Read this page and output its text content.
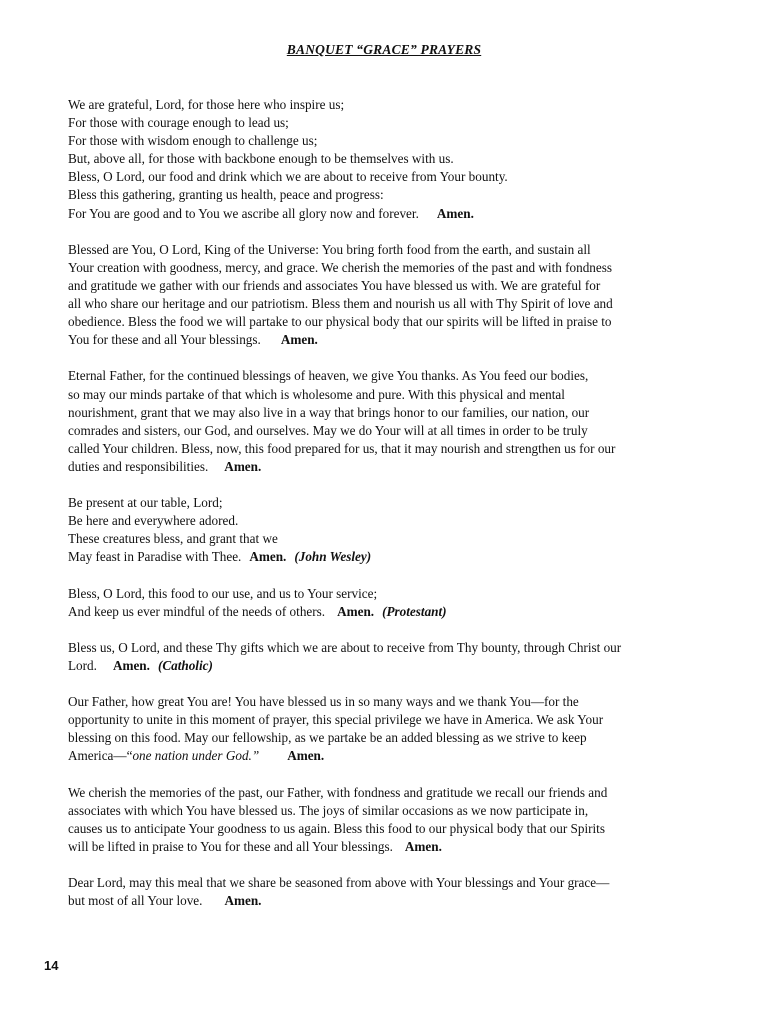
BANQUET “GRACE” PRAYERS
We are grateful, Lord, for those here who inspire us;
For those with courage enough to lead us;
For those with wisdom enough to challenge us;
But, above all, for those with backbone enough to be themselves with us.
Bless, O Lord, our food and drink which we are about to receive from Your bounty.
Bless this gathering, granting us health, peace and progress:
For You are good and to You we ascribe all glory now and forever. Amen.
Blessed are You, O Lord, King of the Universe: You bring forth food from the earth, and sustain all
Your creation with goodness, mercy, and grace. We cherish the memories of the past and with fondness
and gratitude we gather with our friends and associates You have blessed us with. We are grateful for
all who share our heritage and our patriotism. Bless them and nourish us all with Thy Spirit of love and
obedience. Bless the food we will partake to our physical body that our spirits will be lifted in praise to
You for these and all Your blessings. Amen.
Eternal Father, for the continued blessings of heaven, we give You thanks. As You feed our bodies,
so may our minds partake of that which is wholesome and pure. With this physical and mental
nourishment, grant that we may also live in a way that brings honor to our families, our nation, our
comrades and sisters, our God, and ourselves. May we do Your will at all times in order to be truly
called Your children. Bless, now, this food prepared for us, that it may nourish and strengthen us for our
duties and responsibilities. Amen.
Be present at our table, Lord;
Be here and everywhere adored.
These creatures bless, and grant that we
May feast in Paradise with Thee. Amen. (John Wesley)
Bless, O Lord, this food to our use, and us to Your service;
And keep us ever mindful of the needs of others. Amen. (Protestant)
Bless us, O Lord, and these Thy gifts which we are about to receive from Thy bounty, through Christ our
Lord. Amen. (Catholic)
Our Father, how great You are! You have blessed us in so many ways and we thank You—for the
opportunity to unite in this moment of prayer, this special privilege we have in America. We ask Your
blessing on this food. May our fellowship, as we partake be an added blessing as we strive to keep
America—“one nation under God.” Amen.
We cherish the memories of the past, our Father, with fondness and gratitude we recall our friends and
associates with which You have blessed us. The joys of similar occasions as we now participate in,
causes us to anticipate Your goodness to us again. Bless this food to our physical body that our Spirits
will be lifted in praise to You for these and all Your blessings. Amen.
Dear Lord, may this meal that we share be seasoned from above with Your blessings and Your grace—
but most of all Your love. Amen.
14
